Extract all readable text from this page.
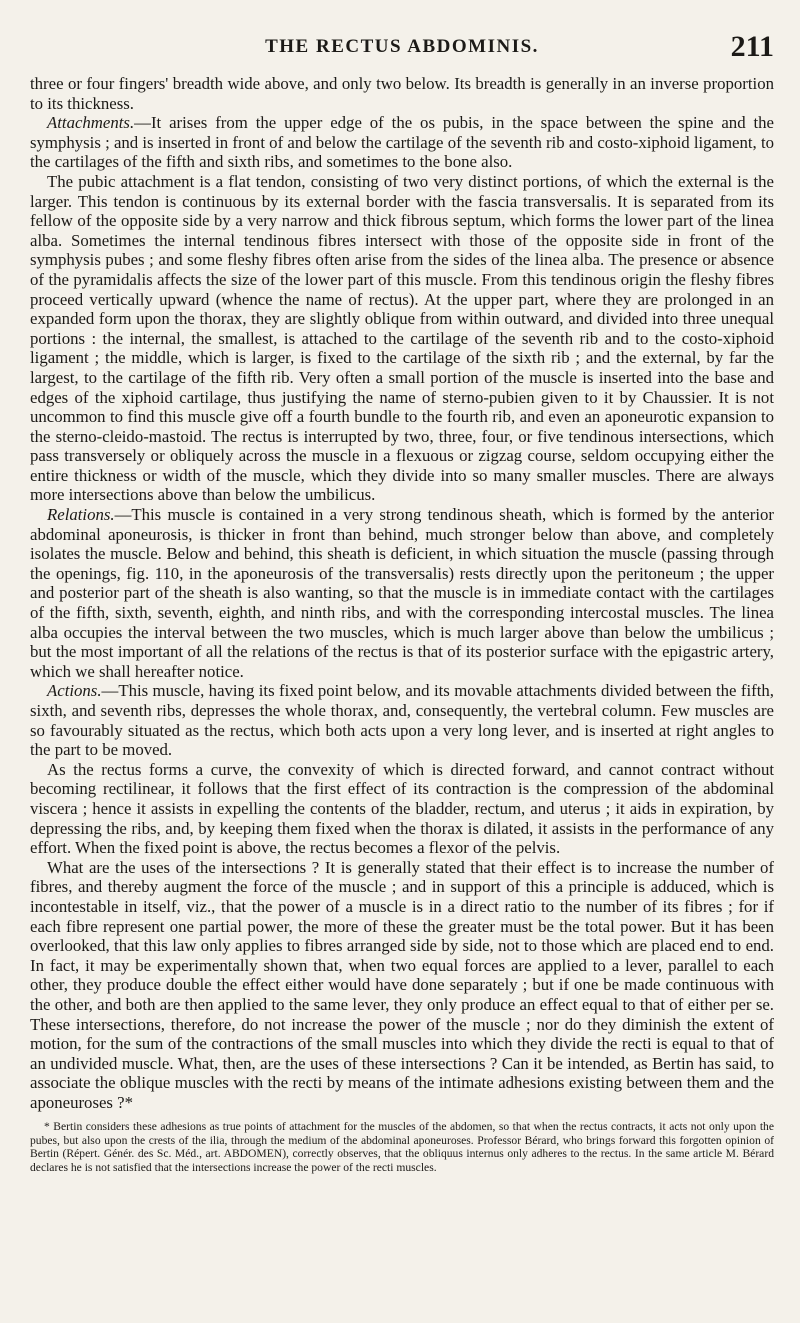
THE RECTUS ABDOMINIS.	211

three or four fingers' breadth wide above, and only two below. Its breadth is generally in an inverse proportion to its thickness.

Attachments.—It arises from the upper edge of the os pubis, in the space between the spine and the symphysis ; and is inserted in front of and below the cartilage of the seventh rib and costo-xiphoid ligament, to the cartilages of the fifth and sixth ribs, and sometimes to the bone also.

The pubic attachment is a flat tendon, consisting of two very distinct portions, of which the external is the larger. This tendon is continuous by its external border with the fascia transversalis. It is separated from its fellow of the opposite side by a very narrow and thick fibrous septum, which forms the lower part of the linea alba. Sometimes the internal tendinous fibres intersect with those of the opposite side in front of the symphysis pubes ; and some fleshy fibres often arise from the sides of the linea alba. The presence or absence of the pyramidalis affects the size of the lower part of this muscle. From this tendinous origin the fleshy fibres proceed vertically upward (whence the name of rectus). At the upper part, where they are prolonged in an expanded form upon the thorax, they are slightly oblique from within outward, and divided into three unequal portions : the internal, the smallest, is attached to the cartilage of the seventh rib and to the costo-xiphoid ligament ; the middle, which is larger, is fixed to the cartilage of the sixth rib ; and the external, by far the largest, to the cartilage of the fifth rib. Very often a small portion of the muscle is inserted into the base and edges of the xiphoid cartilage, thus justifying the name of sterno-pubien given to it by Chaussier. It is not uncommon to find this muscle give off a fourth bundle to the fourth rib, and even an aponeurotic expansion to the sterno-cleido-mastoid. The rectus is interrupted by two, three, four, or five tendinous intersections, which pass transversely or obliquely across the muscle in a flexuous or zigzag course, seldom occupying either the entire thickness or width of the muscle, which they divide into so many smaller muscles. There are always more intersections above than below the umbilicus.

Relations.—This muscle is contained in a very strong tendinous sheath, which is formed by the anterior abdominal aponeurosis, is thicker in front than behind, much stronger below than above, and completely isolates the muscle. Below and behind, this sheath is deficient, in which situation the muscle (passing through the openings, fig. 110, in the aponeurosis of the transversalis) rests directly upon the peritoneum ; the upper and posterior part of the sheath is also wanting, so that the muscle is in immediate contact with the cartilages of the fifth, sixth, seventh, eighth, and ninth ribs, and with the corresponding intercostal muscles. The linea alba occupies the interval between the two muscles, which is much larger above than below the umbilicus ; but the most important of all the relations of the rectus is that of its posterior surface with the epigastric artery, which we shall hereafter notice.

Actions.—This muscle, having its fixed point below, and its movable attachments divided between the fifth, sixth, and seventh ribs, depresses the whole thorax, and, consequently, the vertebral column. Few muscles are so favourably situated as the rectus, which both acts upon a very long lever, and is inserted at right angles to the part to be moved.

As the rectus forms a curve, the convexity of which is directed forward, and cannot contract without becoming rectilinear, it follows that the first effect of its contraction is the compression of the abdominal viscera ; hence it assists in expelling the contents of the bladder, rectum, and uterus ; it aids in expiration, by depressing the ribs, and, by keeping them fixed when the thorax is dilated, it assists in the performance of any effort. When the fixed point is above, the rectus becomes a flexor of the pelvis.

What are the uses of the intersections ? It is generally stated that their effect is to increase the number of fibres, and thereby augment the force of the muscle ; and in support of this a principle is adduced, which is incontestable in itself, viz., that the power of a muscle is in a direct ratio to the number of its fibres ; for if each fibre represent one partial power, the more of these the greater must be the total power. But it has been overlooked, that this law only applies to fibres arranged side by side, not to those which are placed end to end. In fact, it may be experimentally shown that, when two equal forces are applied to a lever, parallel to each other, they produce double the effect either would have done separately ; but if one be made continuous with the other, and both are then applied to the same lever, they only produce an effect equal to that of either per se. These intersections, therefore, do not increase the power of the muscle ; nor do they diminish the extent of motion, for the sum of the contractions of the small muscles into which they divide the recti is equal to that of an undivided muscle. What, then, are the uses of these intersections ? Can it be intended, as Bertin has said, to associate the oblique muscles with the recti by means of the intimate adhesions existing between them and the aponeuroses ?*

* Bertin considers these adhesions as true points of attachment for the muscles of the abdomen, so that when the rectus contracts, it acts not only upon the pubes, but also upon the crests of the ilia, through the medium of the abdominal aponeuroses. Professor Bérard, who brings forward this forgotten opinion of Bertin (Répert. Génér. des Sc. Méd., art. ABDOMEN), correctly observes, that the obliquus internus only adheres to the rectus. In the same article M. Bérard declares he is not satisfied that the intersections increase the power of the recti muscles.
